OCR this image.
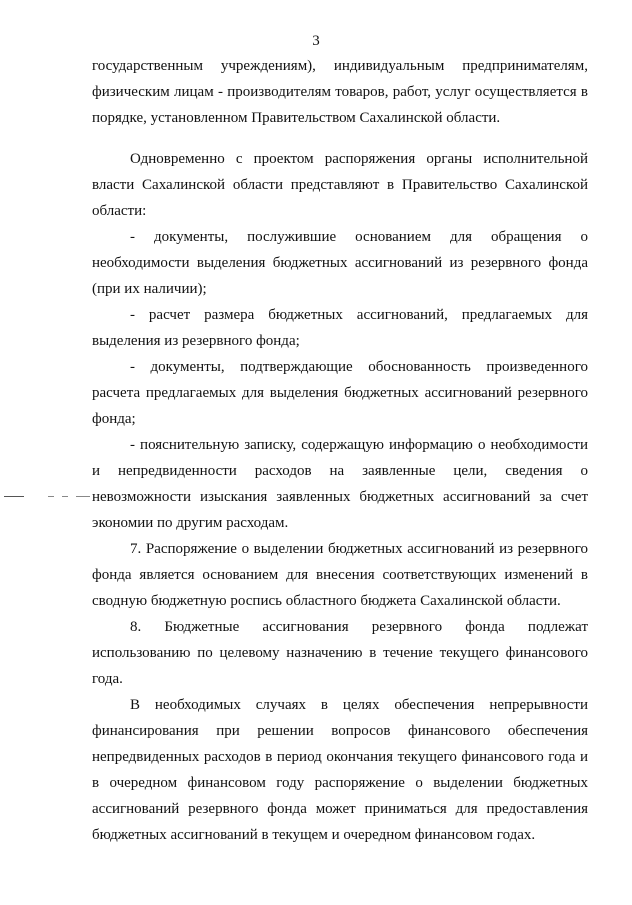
3
государственным учреждениям), индивидуальным предпринимателям,
физическим лицам - производителям товаров, работ, услуг осуществляется в
порядке, установленном Правительством Сахалинской области.
Одновременно с проектом распоряжения органы исполнительной
власти Сахалинской области представляют в Правительство Сахалинской
области:
- документы, послужившие основанием для обращения о
необходимости выделения бюджетных ассигнований из резервного фонда
(при их наличии);
- расчет размера бюджетных ассигнований, предлагаемых для
выделения из резервного фонда;
- документы, подтверждающие обоснованность произведенного
расчета предлагаемых для выделения бюджетных ассигнований резервного
фонда;
- пояснительную записку, содержащую информацию о необходимости
и непредвиденности расходов на заявленные цели, сведения о
невозможности изыскания заявленных бюджетных ассигнований за счет
экономии по другим расходам.
7. Распоряжение о выделении бюджетных ассигнований из резервного
фонда является основанием для внесения соответствующих изменений в
сводную бюджетную роспись областного бюджета Сахалинской области.
8. Бюджетные ассигнования резервного фонда подлежат
использованию по целевому назначению в течение текущего финансового
года.
В необходимых случаях в целях обеспечения непрерывности
финансирования при решении вопросов финансового обеспечения
непредвиденных расходов в период окончания текущего финансового года и
в очередном финансовом году распоряжение о выделении бюджетных
ассигнований резервного фонда может приниматься для предоставления
бюджетных ассигнований в текущем и очередном финансовом годах.
